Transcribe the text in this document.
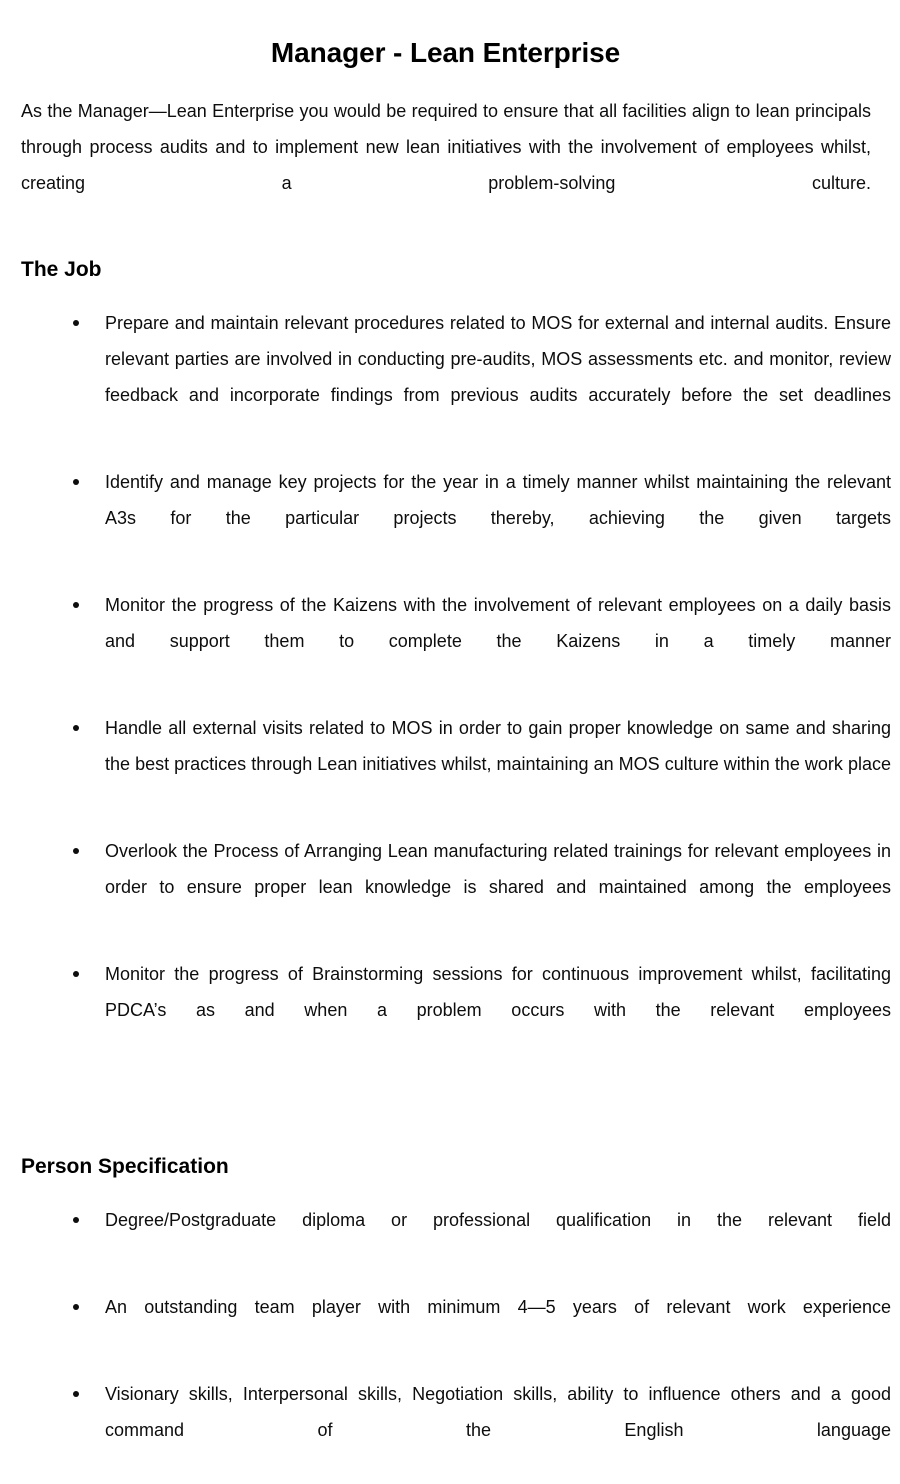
Manager - Lean Enterprise

As the Manager—Lean Enterprise you would be required to ensure that all facilities align to lean principals through process audits and to implement new lean initiatives with the involvement of employees whilst, creating a problem-solving culture.

The Job
Prepare and maintain relevant procedures related to MOS for external and internal audits. Ensure relevant parties are involved in conducting pre-audits, MOS assessments etc. and monitor, review feedback and incorporate findings from previous audits accurately before the set deadlines
Identify and manage key projects for the year in a timely manner whilst maintaining the relevant A3s for the particular projects thereby, achieving the given targets
Monitor the progress of the Kaizens with the involvement of relevant employees on a daily basis and support them to complete the Kaizens in a timely manner
Handle all external visits related to MOS in order to gain proper knowledge on same and sharing the best practices through Lean initiatives whilst, maintaining an MOS culture within the work place
Overlook the Process of Arranging Lean manufacturing related trainings for relevant employees in order to ensure proper lean knowledge is shared and maintained among the employees
Monitor the progress of Brainstorming sessions for continuous improvement whilst, facilitating PDCA’s as and when a problem occurs with the relevant employees
Person Specification
Degree/Postgraduate diploma or professional qualification in the relevant field
An outstanding team player with minimum 4—5 years of relevant work experience
Visionary skills, Interpersonal skills, Negotiation skills, ability to influence others and a good command of the English language
